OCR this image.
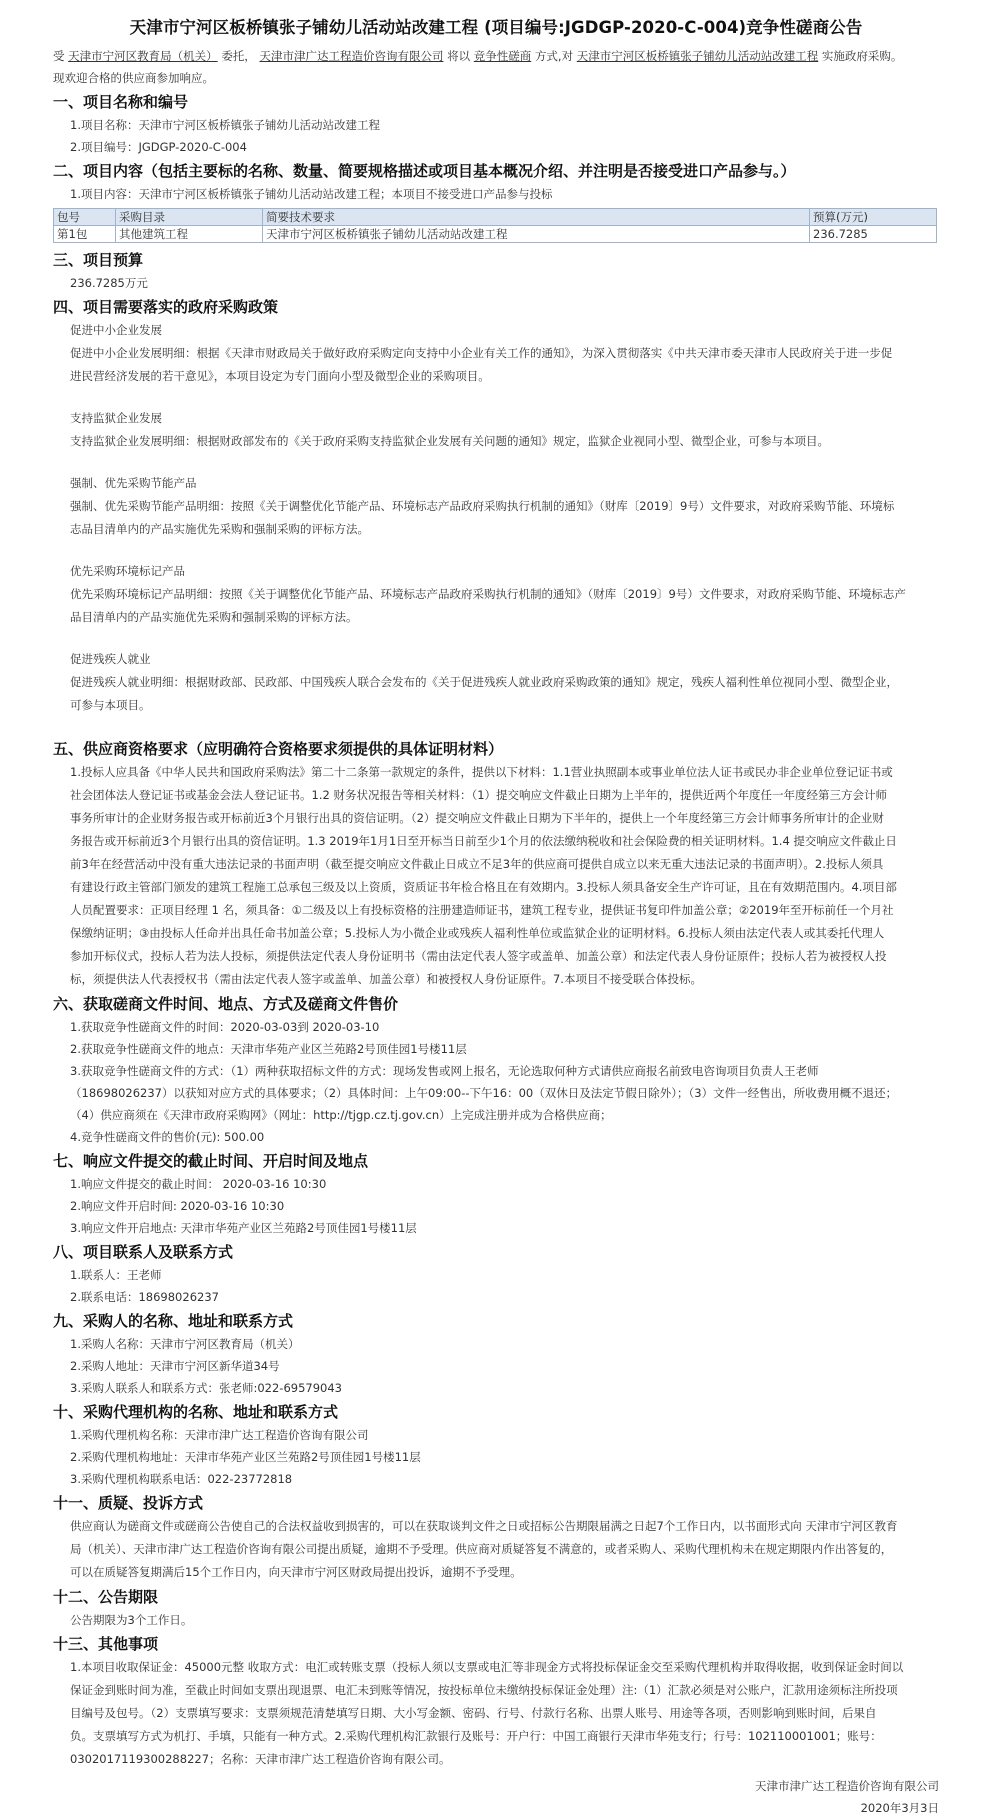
天津市宁河区板桥镇张子铺幼儿活动站改建工程 (项目编号:JGDGP-2020-C-004)竞争性磋商公告

受 天津市宁河区教育局（机关） 委托， 天津市津广达工程造价咨询有限公司 将以 竞争性磋商 方式,对 天津市宁河区板桥镇张子铺幼儿活动站改建工程 实施政府采购。

现欢迎合格的供应商参加响应。

一、项目名称和编号

1.项目名称：天津市宁河区板桥镇张子铺幼儿活动站改建工程

2.项目编号：JGDGP-2020-C-004

二、项目内容（包括主要标的名称、数量、简要规格描述或项目基本概况介绍、并注明是否接受进口产品参与。）

1.项目内容：天津市宁河区板桥镇张子铺幼儿活动站改建工程；本项目不接受进口产品参与投标

包号	采购目录	简要技术要求	预算(万元)
第1包	其他建筑工程	天津市宁河区板桥镇张子铺幼儿活动站改建工程	236.7285
三、项目预算

236.7285万元

四、项目需要落实的政府采购政策

促进中小企业发展

促进中小企业发展明细：根据《天津市财政局关于做好政府采购定向支持中小企业有关工作的通知》，为深入贯彻落实《中共天津市委天津市人民政府关于进一步促

进民营经济发展的若干意见》，本项目设定为专门面向小型及微型企业的采购项目。

支持监狱企业发展

支持监狱企业发展明细：根据财政部发布的《关于政府采购支持监狱企业发展有关问题的通知》规定，监狱企业视同小型、微型企业，可参与本项目。

强制、优先采购节能产品

强制、优先采购节能产品明细：按照《关于调整优化节能产品、环境标志产品政府采购执行机制的通知》（财库〔2019〕9号）文件要求，对政府采购节能、环境标

志品目清单内的产品实施优先采购和强制采购的评标方法。

优先采购环境标记产品

优先采购环境标记产品明细：按照《关于调整优化节能产品、环境标志产品政府采购执行机制的通知》（财库〔2019〕9号）文件要求，对政府采购节能、环境标志产

品目清单内的产品实施优先采购和强制采购的评标方法。

促进残疾人就业

促进残疾人就业明细：根据财政部、民政部、中国残疾人联合会发布的《关于促进残疾人就业政府采购政策的通知》规定，残疾人福利性单位视同小型、微型企业，

可参与本项目。

五、供应商资格要求（应明确符合资格要求须提供的具体证明材料）

1.投标人应具备《中华人民共和国政府采购法》第二十二条第一款规定的条件，提供以下材料：1.1营业执照副本或事业单位法人证书或民办非企业单位登记证书或

社会团体法人登记证书或基金会法人登记证书。1.2 财务状况报告等相关材料：（1）提交响应文件截止日期为上半年的，提供近两个年度任一年度经第三方会计师

事务所审计的企业财务报告或开标前近3个月银行出具的资信证明。（2）提交响应文件截止日期为下半年的，提供上一个年度经第三方会计师事务所审计的企业财

务报告或开标前近3个月银行出具的资信证明。1.3 2019年1月1日至开标当日前至少1个月的依法缴纳税收和社会保险费的相关证明材料。1.4 提交响应文件截止日

前3年在经营活动中没有重大违法记录的书面声明（截至提交响应文件截止日成立不足3年的供应商可提供自成立以来无重大违法记录的书面声明）。2.投标人须具

有建设行政主管部门颁发的建筑工程施工总承包三级及以上资质，资质证书年检合格且在有效期内。3.投标人须具备安全生产许可证，且在有效期范围内。4.项目部

人员配置要求：正项目经理 1 名，须具备：①二级及以上有投标资格的注册建造师证书，建筑工程专业，提供证书复印件加盖公章；②2019年至开标前任一个月社

保缴纳证明；③由投标人任命并出具任命书加盖公章；5.投标人为小微企业或残疾人福利性单位或监狱企业的证明材料。6.投标人须由法定代表人或其委托代理人

参加开标仪式，投标人若为法人投标，须提供法定代表人身份证明书（需由法定代表人签字或盖单、加盖公章）和法定代表人身份证原件；投标人若为被授权人投

标，须提供法人代表授权书（需由法定代表人签字或盖单、加盖公章）和被授权人身份证原件。7.本项目不接受联合体投标。

六、获取磋商文件时间、地点、方式及磋商文件售价

1.获取竞争性磋商文件的时间：2020-03-03到 2020-03-10

2.获取竞争性磋商文件的地点：天津市华苑产业区兰苑路2号顶佳园1号楼11层

3.获取竞争性磋商文件的方式：（1）两种获取招标文件的方式：现场发售或网上报名，无论选取何种方式请供应商报名前致电咨询项目负责人王老师

（18698026237）以获知对应方式的具体要求；（2）具体时间：上午09:00--下午16：00（双休日及法定节假日除外）；（3）文件一经售出，所收费用概不退还；

（4）供应商须在《天津市政府采购网》（网址：http://tjgp.cz.tj.gov.cn）上完成注册并成为合格供应商；

4.竞争性磋商文件的售价(元): 500.00

七、响应文件提交的截止时间、开启时间及地点

1.响应文件提交的截止时间： 2020-03-16 10:30

2.响应文件开启时间: 2020-03-16 10:30

3.响应文件开启地点: 天津市华苑产业区兰苑路2号顶佳园1号楼11层

八、项目联系人及联系方式

1.联系人：王老师

2.联系电话：18698026237

九、采购人的名称、地址和联系方式

1.采购人名称：天津市宁河区教育局（机关）

2.采购人地址：天津市宁河区新华道34号

3.采购人联系人和联系方式：张老师:022-69579043

十、采购代理机构的名称、地址和联系方式

1.采购代理机构名称：天津市津广达工程造价咨询有限公司

2.采购代理机构地址：天津市华苑产业区兰苑路2号顶佳园1号楼11层

3.采购代理机构联系电话：022-23772818

十一、质疑、投诉方式

供应商认为磋商文件或磋商公告使自己的合法权益收到损害的，可以在获取谈判文件之日或招标公告期限届满之日起7个工作日内，以书面形式向 天津市宁河区教育

局（机关）、天津市津广达工程造价咨询有限公司提出质疑，逾期不予受理。供应商对质疑答复不满意的，或者采购人、采购代理机构未在规定期限内作出答复的，

可以在质疑答复期满后15个工作日内，向天津市宁河区财政局提出投诉，逾期不予受理。

十二、公告期限

公告期限为3个工作日。

十三、其他事项

1.本项目收取保证金：45000元整 收取方式：电汇或转账支票（投标人须以支票或电汇等非现金方式将投标保证金交至采购代理机构并取得收据，收到保证金时间以

保证金到账时间为准，至截止时间如支票出现退票、电汇未到账等情况，按投标单位未缴纳投标保证金处理）注:（1）汇款必须是对公账户，汇款用途须标注所投项

目编号及包号。（2）支票填写要求：支票须规范清楚填写日期、大小写金额、密码、行号、付款行名称、出票人账号、用途等各项，否则影响到账时间，后果自

负。支票填写方式为机打、手填，只能有一种方式。2.采购代理机构汇款银行及账号：开户行：中国工商银行天津市华苑支行；行号：102110001001；账号：

0302017119300288227；名称：天津市津广达工程造价咨询有限公司。

天津市津广达工程造价咨询有限公司

2020年3月3日
